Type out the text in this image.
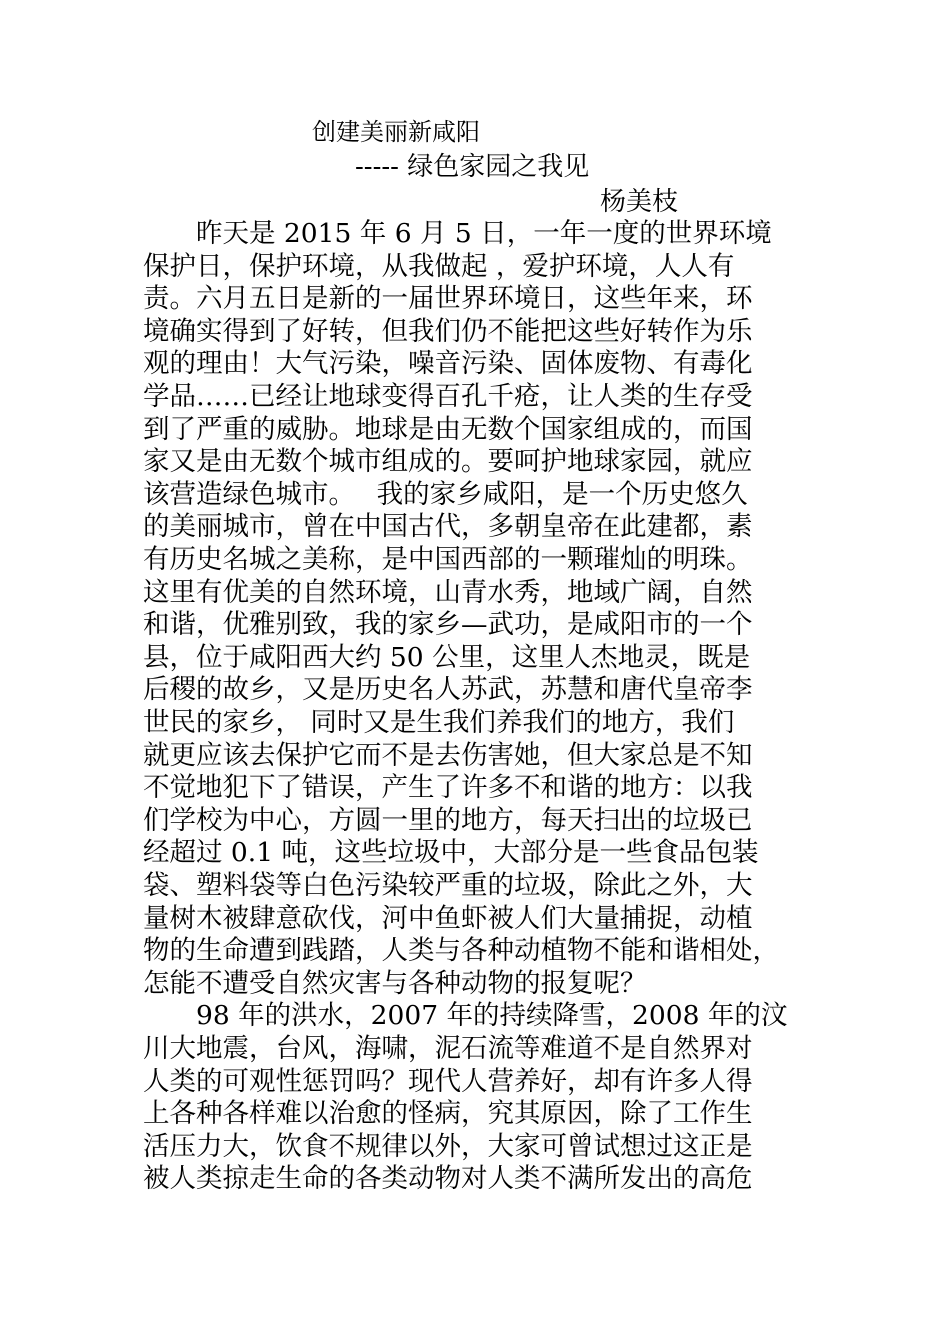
创建美丽新咸阳
----- 绿色家园之我见
杨美枝
　　昨天是 2015 年 6 月 5 日，一年一度的世界环境
保护日，保护环境，从我做起 ，爱护环境，人人有
责。六月五日是新的一届世界环境日，这些年来，环
境确实得到了好转，但我们仍不能把这些好转作为乐
观的理由！大气污染，噪音污染、固体废物、有毒化
学品……已经让地球变得百孔千疮，让人类的生存受
到了严重的威胁。地球是由无数个国家组成的，而国
家又是由无数个城市组成的。要呵护地球家园，就应
该营造绿色城市。　 我的家乡咸阳，是一个历史悠久
的美丽城市，曾在中国古代，多朝皇帝在此建都，素
有历史名城之美称，是中国西部的一颗璀灿的明珠。
这里有优美的自然环境，山青水秀，地域广阔，自然
和谐，优雅别致，我的家乡—武功，是咸阳市的一个
县，位于咸阳西大约 50 公里，这里人杰地灵，既是
后稷的故乡，又是历史名人苏武，苏慧和唐代皇帝李
世民的家乡， 同时又是生我们养我们的地方，我们
就更应该去保护它而不是去伤害她，但大家总是不知
不觉地犯下了错误，产生了许多不和谐的地方：以我
们学校为中心，方圆一里的地方，每天扫出的垃圾已
经超过 0.1 吨，这些垃圾中，大部分是一些食品包装
袋、塑料袋等白色污染较严重的垃圾，除此之外，大
量树木被肆意砍伐，河中鱼虾被人们大量捕捉，动植
物的生命遭到践踏，人类与各种动植物不能和谐相处，
怎能不遭受自然灾害与各种动物的报复呢？
　　98 年的洪水，2007 年的持续降雪，2008 年的汶
川大地震，台风，海啸，泥石流等难道不是自然界对
人类的可观性惩罚吗？现代人营养好，却有许多人得
上各种各样难以治愈的怪病，究其原因，除了工作生
活压力大，饮食不规律以外，大家可曾试想过这正是
被人类掠走生命的各类动物对人类不满所发出的高危
